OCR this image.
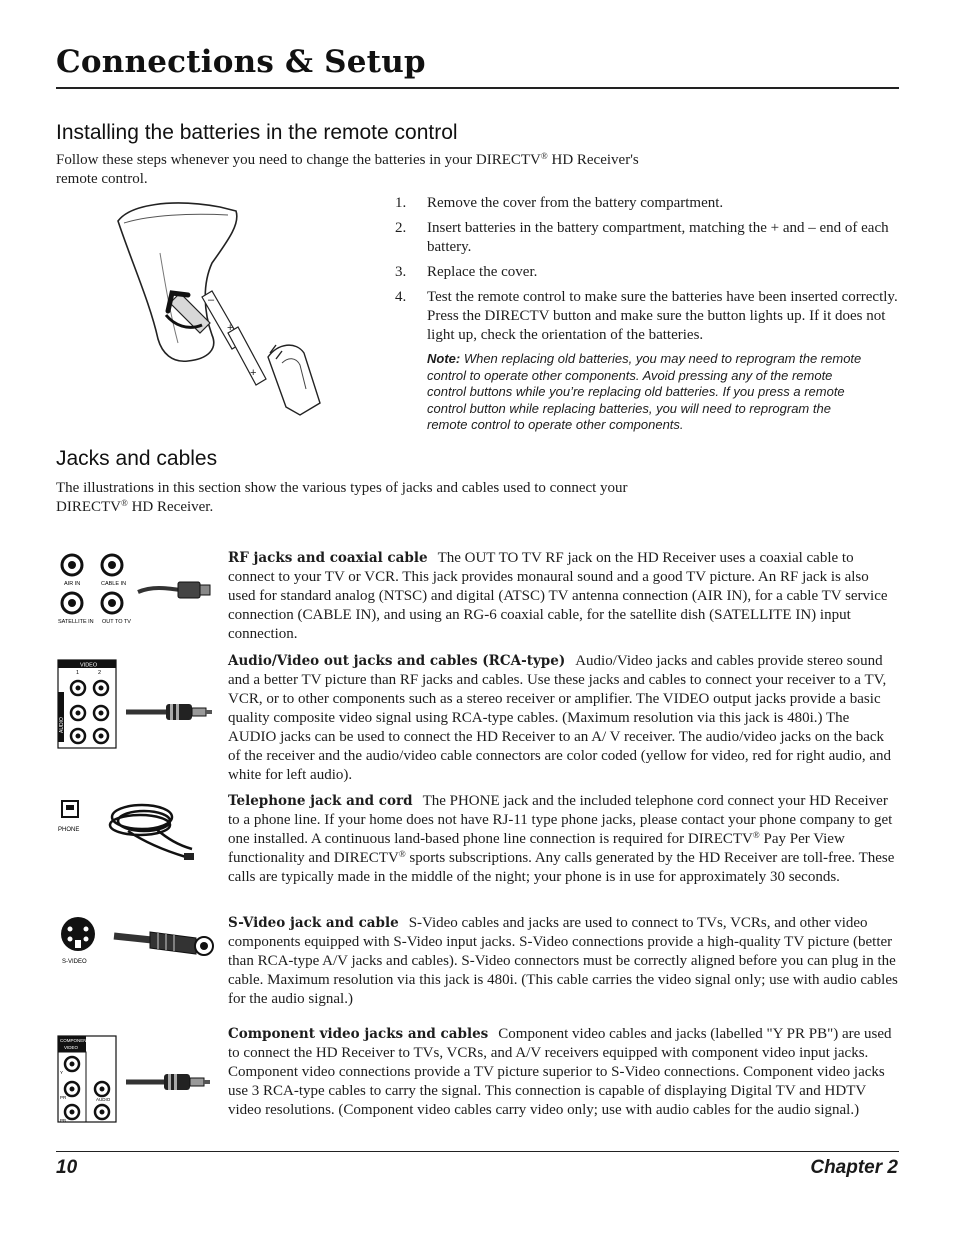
Connections & Setup
Installing the batteries in the remote control
Follow these steps whenever you need to change the batteries in your DIRECTV® HD Receiver's
remote control.
+
+
–
1.	Remove the cover from the battery compartment.
2.	Insert batteries in the battery compartment, matching the + and – end of each battery.
3.	Replace the cover.
4.	Test the remote control to make sure the batteries have been inserted correctly. Press the DIRECTV button and make sure the button lights up. If it does not light up, check the orientation of the batteries.
Note: When replacing old batteries, you may need to reprogram the remote control to operate other components. Avoid pressing any of the remote control buttons while you’re replacing old batteries. If you press a remote control button while replacing batteries, you will need to reprogram the remote control to operate other components.
Jacks and cables
The illustrations in this section show the various types of jacks and cables used to connect your
DIRECTV® HD Receiver.
AIR IN	CABLE IN
SATELLITE IN OUT TO TV
RF jacks and coaxial cable The OUT TO TV RF jack on the HD Receiver uses a coaxial cable to connect to your TV or VCR. This jack provides monaural sound and a good TV picture. An RF jack is also used for standard analog (NTSC) and digital (ATSC) TV antenna connection (AIR IN), for a cable TV service connection (CABLE IN), and using an RG-6 coaxial cable, for the satellite dish (SATELLITE IN) input connection.
VIDEO
1	2
AUDIO
Audio/Video out jacks and cables (RCA-type) Audio/Video jacks and cables provide stereo sound and a better TV picture than RF jacks and cables. Use these jacks and cables to connect your receiver to a TV, VCR, or to other components such as a stereo receiver or amplifier. The VIDEO output jacks provide a basic quality composite video signal using RCA-type cables. (Maximum resolution via this jack is 480i.) The AUDIO jacks can be used to connect the HD Receiver to an A/ V receiver. The audio/video jacks on the back of the receiver and the audio/video cable connectors are color coded (yellow for video, red for right audio, and white for left audio).
PHONE
Telephone jack and cord The PHONE jack and the included telephone cord connect your HD Receiver to a phone line. If your home does not have RJ-11 type phone jacks, please contact your phone company to get one installed. A continuous land-based phone line connection is required for DIRECTV® Pay Per View functionality and DIRECTV® sports subscriptions. Any calls generated by the HD Receiver are toll-free. These calls are typically made in the middle of the night; your phone is in use for approximately 30 seconds.
S-VIDEO
S-Video jack and cable S-Video cables and jacks are used to connect to TVs, VCRs, and other video components equipped with S-Video input jacks. S-Video connections provide a high-quality TV picture (better than RCA-type A/V jacks and cables). S-Video connectors must be correctly aligned before you can plug in the cable. Maximum resolution via this jack is 480i. (This cable carries the video signal only; use with audio cables for the audio signal.)
COMPONENT
VIDEO
Y
PR
PB
AUDIO
Component video jacks and cables Component video cables and jacks (labelled "Y PR PB") are used to connect the HD Receiver to TVs, VCRs, and A/V receivers equipped with component video input jacks. Component video connections provide a TV picture superior to S-Video connections. Component video jacks use 3 RCA-type cables to carry the signal. This connection is capable of displaying Digital TV and HDTV video resolutions. (Component video cables carry video only; use with audio cables for the audio signal.)
10	Chapter 2
